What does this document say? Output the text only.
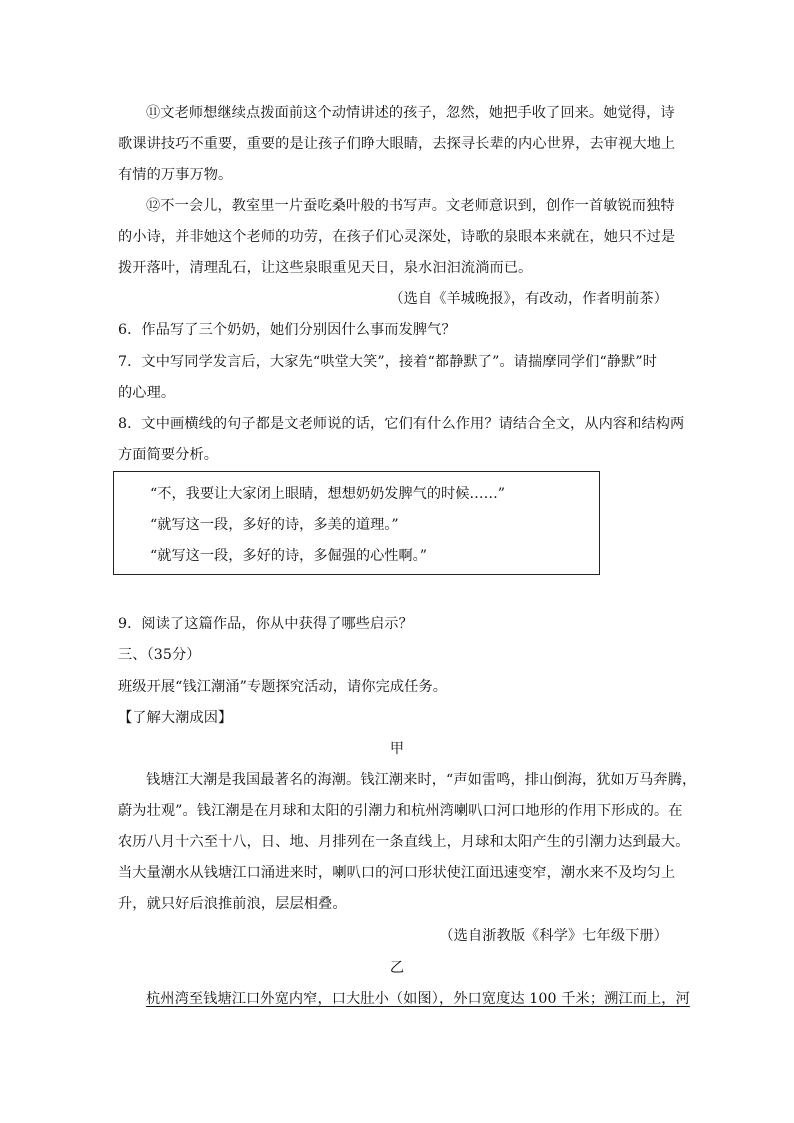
⑪文老师想继续点拨面前这个动情讲述的孩子，忽然，她把手收了回来。她觉得，诗
歌课讲技巧不重要，重要的是让孩子们睁大眼睛，去探寻长辈的内心世界，去审视大地上
有情的万事万物。
⑫不一会儿，教室里一片蚕吃桑叶般的书写声。文老师意识到，创作一首敏锐而独特
的小诗，并非她这个老师的功劳，在孩子们心灵深处，诗歌的泉眼本来就在，她只不过是
拨开落叶，清理乱石，让这些泉眼重见天日，泉水汩汩流淌而已。
（选自《羊城晚报》，有改动，作者明前茶）
6．作品写了三个奶奶，她们分别因什么事而发脾气？
7．文中写同学发言后，大家先“哄堂大笑”，接着“都静默了”。请揣摩同学们“静默”时
的心理。
8．文中画横线的句子都是文老师说的话，它们有什么作用？请结合全文，从内容和结构两
方面简要分析。
“不，我要让大家闭上眼睛，想想奶奶发脾气的时候……”
“就写这一段，多好的诗，多美的道理。”
“就写这一段，多好的诗，多倔强的心性啊。”
9．阅读了这篇作品，你从中获得了哪些启示？
三、（35分）
班级开展“钱江潮涌”专题探究活动，请你完成任务。
【了解大潮成因】
甲
钱塘江大潮是我国最著名的海潮。钱江潮来时，“声如雷鸣，排山倒海，犹如万马奔腾，
蔚为壮观”。钱江潮是在月球和太阳的引潮力和杭州湾喇叭口河口地形的作用下形成的。在
农历八月十六至十八，日、地、月排列在一条直线上，月球和太阳产生的引潮力达到最大。
当大量潮水从钱塘江口涌进来时，喇叭口的河口形状使江面迅速变窄，潮水来不及均匀上
升，就只好后浪推前浪，层层相叠。
（选自浙教版《科学》七年级下册）
乙
杭州湾至钱塘江口外宽内窄，口大肚小（如图），外口宽度达 100 千米；溯江而上，河
